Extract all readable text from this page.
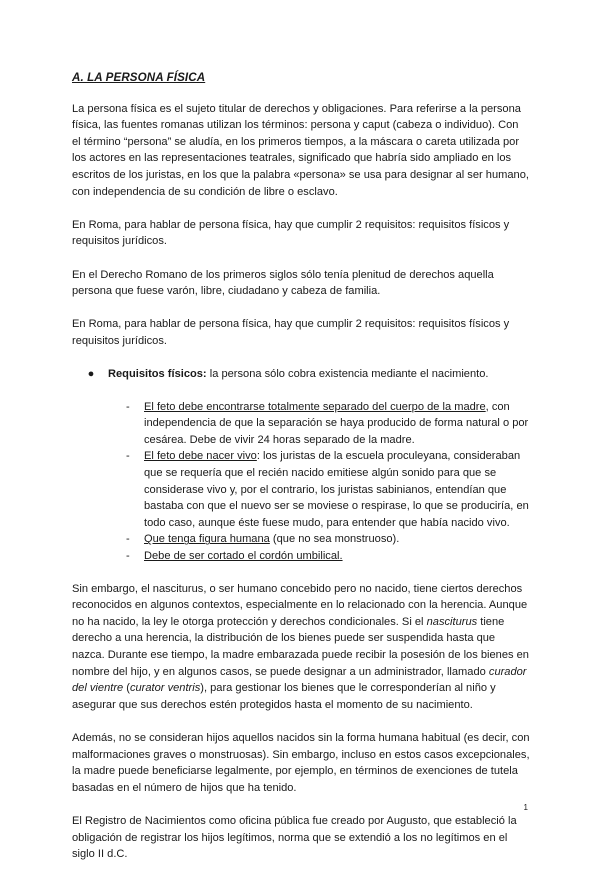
A. LA PERSONA FÍSICA

La persona física es el sujeto titular de derechos y obligaciones. Para referirse a la persona física, las fuentes romanas utilizan los términos: persona y caput (cabeza o individuo). Con el término “persona” se aludía, en los primeros tiempos, a la máscara o careta utilizada por los actores en las representaciones teatrales, significado que habría sido ampliado en los escritos de los juristas, en los que la palabra «persona» se usa para designar al ser humano, con independencia de su condición de libre o esclavo.

En Roma, para hablar de persona física, hay que cumplir 2 requisitos: requisitos físicos y requisitos jurídicos.

En el Derecho Romano de los primeros siglos sólo tenía plenitud de derechos aquella persona que fuese varón, libre, ciudadano y cabeza de familia.

En Roma, para hablar de persona física, hay que cumplir 2 requisitos: requisitos físicos y requisitos jurídicos.

●	Requisitos físicos: la persona sólo cobra existencia mediante el nacimiento.
-	El feto debe encontrarse totalmente separado del cuerpo de la madre, con independencia de que la separación se haya producido de forma natural o por cesárea. Debe de vivir 24 horas separado de la madre.
-	El feto debe nacer vivo: los juristas de la escuela proculeyana, consideraban que se requería que el recién nacido emitiese algún sonido para que se considerase vivo y, por el contrario, los juristas sabinianos, entendían que bastaba con que el nuevo ser se moviese o respirase, lo que se produciría, en todo caso, aunque éste fuese mudo, para entender que había nacido vivo.
-	Que tenga figura humana (que no sea monstruoso).
-	Debe de ser cortado el cordón umbilical.

Sin embargo, el nasciturus, o ser humano concebido pero no nacido, tiene ciertos derechos reconocidos en algunos contextos, especialmente en lo relacionado con la herencia. Aunque no ha nacido, la ley le otorga protección y derechos condicionales. Si el nasciturus tiene derecho a una herencia, la distribución de los bienes puede ser suspendida hasta que nazca. Durante ese tiempo, la madre embarazada puede recibir la posesión de los bienes en nombre del hijo, y en algunos casos, se puede designar a un administrador, llamado curador del vientre (curator ventris), para gestionar los bienes que le corresponderían al niño y asegurar que sus derechos estén protegidos hasta el momento de su nacimiento.

Además, no se consideran hijos aquellos nacidos sin la forma humana habitual (es decir, con malformaciones graves o monstruosas). Sin embargo, incluso en estos casos excepcionales, la madre puede beneficiarse legalmente, por ejemplo, en términos de exenciones de tutela basadas en el número de hijos que ha tenido.

El Registro de Nacimientos como oficina pública fue creado por Augusto, que estableció la obligación de registrar los hijos legítimos, norma que se extendió a los no legítimos en el siglo II d.C.

1
